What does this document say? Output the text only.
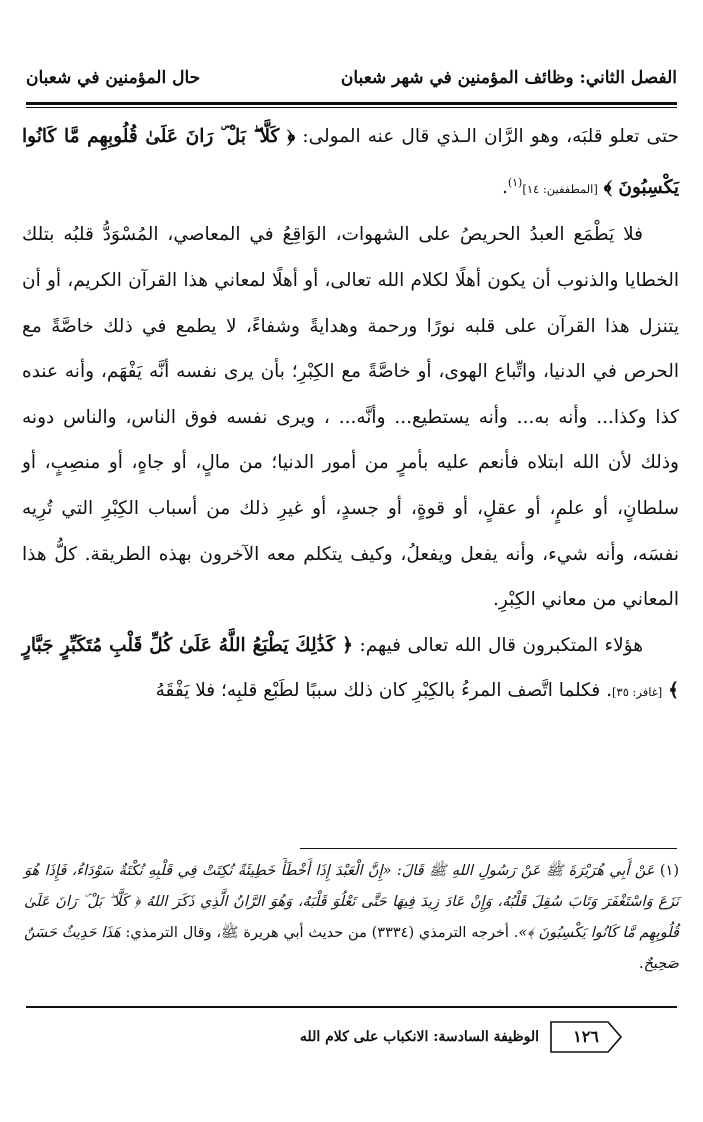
الفصل الثاني: وظائف المؤمنين في شهر شعبان
حال المؤمنين في شعبان

حتى تعلو قلبَه، وهو الرَّان الـذي قال عنه المولى: ﴿ كَلَّا ۖ بَلْ ۜ رَانَ عَلَىٰ قُلُوبِهِم مَّا كَانُوا يَكْسِبُونَ ﴾ [المطففين: ١٤]$^{(١)}$.

فلا يَطْمَع العبدُ الحريصُ على الشهوات، الوَاقِعُ في المعاصي، المُسْوَدُّ قلبُه بتلك الخطايا والذنوب أن يكون أهلًا لكلام الله تعالى، أو أهلًا لمعاني هذا القرآن الكريم، أو أن يتنزل هذا القرآن على قلبه نورًا ورحمة وهدايةً وشفاءً، لا يطمع في ذلك خاصَّةً مع الحرص في الدنيا، واتِّباع الهوى، أو خاصَّةً مع الكِبْرِ؛ بأن يرى نفسه أنَّه يَفْهَم، وأنه عنده كذا وكذا... وأنه به... وأنه يستطيع... وأنَّه... ، ويرى نفسه فوق الناس، والناس دونه وذلك لأن الله ابتلاه فأنعم عليه بأمرٍ من أمور الدنيا؛ من مالٍ، أو جاهٍ، أو منصِبٍ، أو سلطانٍ، أو علمٍ، أو عقلٍ، أو قوةٍ، أو جسدٍ، أو غيرِ ذلك من أسباب الكِبْرِ التي تُرِيه نفسَه، وأنه شيء، وأنه يفعل ويفعلُ، وكيف يتكلم معه الآخرون بهذه الطريقة. كلُّ هذا المعاني من معاني الكِبْرِ.

هؤلاء المتكبرون قال الله تعالى فيهم: ﴿ كَذَٰلِكَ يَطْبَعُ اللَّهُ عَلَىٰ كُلِّ قَلْبِ مُتَكَبِّرٍ جَبَّارٍ ﴾ [غافر: ٣٥]. فكلما اتَّصف المرءُ بالكِبْرِ كان ذلك سببًا لطَبْع قلبِه؛ فلا يَفْقَهُ

(١) عَنْ أَبِي هُرَيْرَةَ ﷺ عَنْ رَسُولِ اللهِ ﷺ قَالَ: «إِنَّ الْعَبْدَ إِذَا أَخْطَأَ خَطِيئَةً نُكِتَتْ فِي قَلْبِهِ نُكْتَةٌ سَوْدَاءُ، فَإِذَا هُوَ نَزَعَ وَاسْتَغْفَرَ وَتَابَ سُقِلَ قَلْبُهُ، وَإِنْ عَادَ زِيدَ فِيهَا حَتَّى تَعْلُوَ قَلْبَهُ، وَهُوَ الرَّانُ الَّذِي ذَكَرَ اللهُ ﴿ كَلَّا ۖ بَلْ ۜ رَانَ عَلَىٰ قُلُوبِهِم مَّا كَانُوا يَكْسِبُونَ ﴾». أخرجه الترمذي (٣٣٣٤) من حديث أبي هريرة ﷺ، وقال الترمذي: هَذَا حَدِيثٌ حَسَنٌ صَحِيحٌ.

الوظيفة السادسة: الانكباب على كلام الله	١٢٦
